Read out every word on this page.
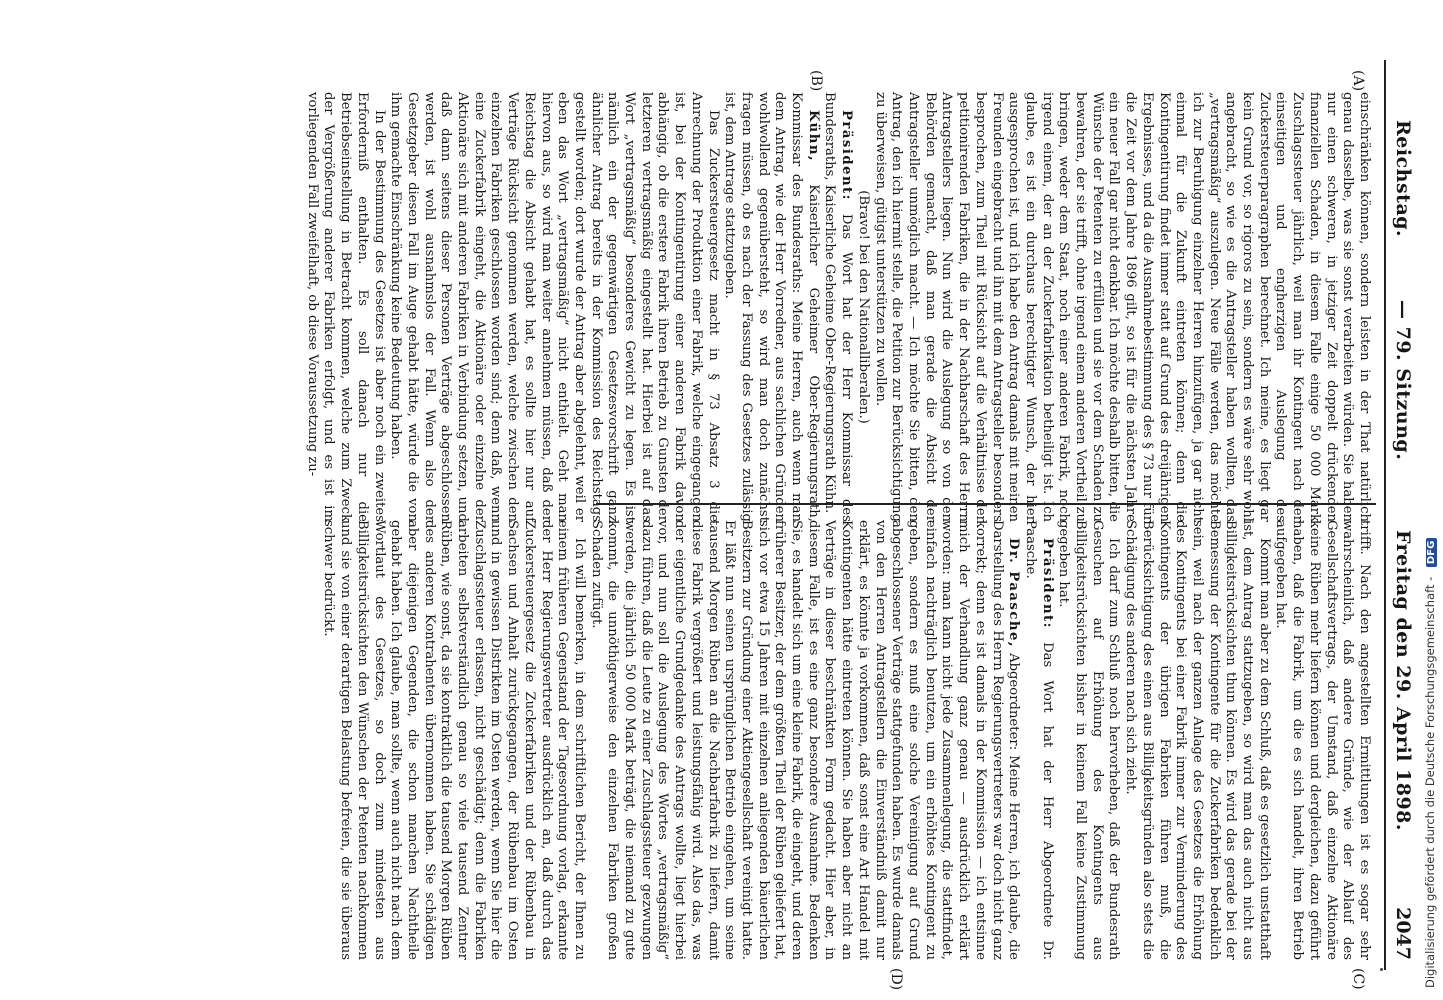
Reichstag.
— 79. Sitzung.
Freitag den 29. April 1898.
2047
(A)
(B)
(C)
(D)

einschränken können, sondern leisten in der That natürlich genau dasselbe, was sie sonst verarbeiten würden. Sie haben nur einen schweren, in jetziger Zeit doppelt drückenden finanziellen Schaden, in diesem Falle einige 50 000 Mark Zuschlagssteuer jährlich, weil man ihr Kontingent nach der einseitigen und engherzigen Auslegung des Zuckersteuerparagraphen berechnet. Ich meine, es liegt gar kein Grund vor, so rigoros zu sein, sondern es wäre sehr wohl angebracht, so wie es die Antragsteller haben wollten, das „vertragsmäßig“ auszulegen. Neue Fälle werden, das möchte ich zur Beruhigung einzelner Herren hinzufügen, ja gar nicht einmal für die Zukunft eintreten können; denn die Kontingentirung findet immer statt auf Grund des dreijährigen Ergebnisses, und da die Ausnahmebestimmung des § 73 nur für die Zeit vor dem Jahre 1896 gilt, so ist für die nächsten Jahre ein neuer Fall gar nicht denkbar. Ich möchte deshalb bitten, die Wünsche der Petenten zu erfüllen und sie vor dem Schaden zu bewahren, der sie trifft, ohne irgend einem anderen Vortheil zu bringen, weder dem Staat, noch einer anderen Fabrik, noch irgend einem, der an der Zuckerfabrikation betheiligt ist. Ich glaube, es ist ein durchaus berechtigter Wunsch, der hier ausgesprochen ist, und ich habe den Antrag damals mit meinen Freunden eingebracht und ihn mit dem Antragsteller besonders besprochen, zum Theil mit Rücksicht auf die Verhältnisse der petitionirenden Fabriken, die in der Nachbarschaft des Herrn Antragstellers liegen. Nun wird die Auslegung so von den Behörden gemacht, daß man gerade die Absicht der Antragsteller unmöglich macht. — Ich möchte Sie bitten, den Antrag, den ich hiermit stelle, die Petition zur Berücksichtigung zu überweisen, gütigst unterstützen zu wollen.

(Bravo! bei den Nationalliberalen.)

Präsident: Das Wort hat der Herr Kommissar des Bundesraths, Kaiserliche Geheime Ober-Regierungsrath Kühn.

Kühn, Kaiserlicher Geheimer Ober-Regierungsrath, Kommissar des Bundesraths: Meine Herren, auch wenn man dem Antrag, wie der Herr Vorredner, aus sachlichen Gründen wohlwollend gegenübersteht, so wird man doch zunächst fragen müssen, ob es nach der Fassung des Gesetzes zulässig ist, dem Antrage stattzugeben.

Das Zuckersteuergesetz macht in § 73 Absatz 3 die Anrechnung der Produktion einer Fabrik, welche eingegangen ist, bei der Kontingentirung einer anderen Fabrik davon abhängig, ob die erstere Fabrik ihren Betrieb zu Gunsten der letzteren vertragsmäßig eingestellt hat. Hierbei ist auf das Wort „vertragsmäßig“ besonderes Gewicht zu legen. Es ist nämlich ein der gegenwärtigen Gesetzesvorschrift ganz ähnlicher Antrag bereits in der Kommission des Reichstags gestellt worden; dort wurde der Antrag aber abgelehnt, weil er eben das Wort „vertragsmäßig“ nicht enthielt. Geht man hiervon aus, so wird man weiter annehmen müssen, daß der Reichstag die Absicht gehabt hat, es sollte hier nur auf Verträge Rücksicht genommen werden, welche zwischen den einzelnen Fabriken geschlossen worden sind; denn daß, wenn eine Zuckerfabrik eingeht, die Aktionäre oder einzelne der Aktionäre sich mit anderen Fabriken in Verbindung setzen, und daß dann seitens dieser Personen Verträge abgeschlossen werden, ist wohl ausnahmslos der Fall. Wenn also der Gesetzgeber diesen Fall im Auge gehabt hätte, würde die von ihm gemachte Einschränkung keine Bedeutung haben.

In der Bestimmung des Gesetzes ist aber noch ein zweites Erforderniß enthalten. Es soll danach nur die Betriebseinstellung in Betracht kommen, welche zum Zweck der Vergrößerung anderer Fabriken erfolgt, und es ist im vorliegenden Fall zweifelhaft, ob diese Voraussetzung zu-

trifft. Nach den angestellten Ermittlungen ist es sogar sehr wahrscheinlich, daß andere Gründe, wie der Ablauf des Gesellschaftsvertrags, der Umstand, daß einzelne Aktionäre keine Rüben mehr liefern können und dergleichen, dazu geführt haben, daß die Fabrik, um die es sich handelt, ihren Betrieb aufgegeben hat.

Kommt man aber zu dem Schluß, daß es gesetzlich unstatthaft ist, dem Antrag stattzugeben, so wird man das auch nicht aus Billigkeitsrücksichten thun können. Es wird das gerade bei der Bemessung der Kontingente für die Zuckerfabriken bedenklich sein, weil nach der ganzen Anlage des Gesetzes die Erhöhung des Kontingents bei einer Fabrik immer zur Verminderung des Kontingents der übrigen Fabriken führen muß, die Berücksichtigung des einen aus Billigkeitsgründen also stets die Schädigung des anderen nach sich zieht.

Ich darf zum Schluß noch hervorheben, daß der Bundesrath Gesuchen auf Erhöhung des Kontingents aus Billigkeitsrücksichten bisher in keinem Fall keine Zustimmung gegeben hat.

Präsident: Das Wort hat der Herr Abgeordnete Dr. Paasche.

Dr. Paasche, Abgeordneter: Meine Herren, ich glaube, die Darstellung des Herrn Regierungsvertreters war doch nicht ganz korrekt; denn es ist damals in der Kommission — ich entsinne mich der Verhandlung ganz genau — ausdrücklich erklärt worden: man kann nicht jede Zusammenlegung, die stattfindet, einfach nachträglich benutzen, um ein erhöhtes Kontingent zu geben, sondern es muß eine solche Vereinigung auf Grund abgeschlossener Verträge stattgefunden haben. Es wurde damals von den Herren Antragstellern die Einverständniß damit nur erklärt, es könnte ja vorkommen, daß sonst eine Art Handel mit Kontingenten hätte eintreten können. Sie haben aber nicht an Verträge in dieser beschränkten Form gedacht. Hier aber, in diesem Falle, ist es eine ganz besondere Ausnahme. Bedenken Sie, es handelt sich um eine kleine Fabrik, die eingeht, und deren früherer Besitzer, der dem größten Theil der Rüben geliefert hat, sich vor etwa 15 Jahren mit einzelnen anliegenden bäuerlichen Besitzern zur Gründung einer Aktiengesellschaft vereinigt hatte. Er läßt nun seinen ursprünglichen Betrieb eingehen, um seine tausend Morgen Rüben an die Nachbarfabrik zu liefern, damit diese Fabrik vergrößert und leistungsfähig wird. Also das, was der eigentliche Grundgedanke des Antrags wollte, liegt hierbei vor, und nun soll die Auslegung des Wortes „vertragsmäßig“ dazu führen, daß die Leute zu einer Zuschlagssteuer gezwungen werden, die jährlich 50 000 Mark beträgt, die niemand zu gute kommt, die unnöthigerweise den einzelnen Fabriken großen Schaden zufügt.

Ich will bemerken, in dem schriftlichen Bericht, der Ihnen zu einem früheren Gegenstand der Tagesordnung vorlag, erkannte der Herr Regierungsvertreter ausdrücklich an, daß durch das Zuckersteuergesetz die Zuckerfabriken und der Rübenbau in Sachsen und Anhalt zurückgegangen, der Rübenbau im Osten und in gewissen Distrikten im Osten werden, wenn Sie hier die Zuschlagssteuer erlassen, nicht geschädigt; denn die Fabriken arbeiten selbstverständlich genau so viele tausend Zentner Rüben, wie sonst, da sie kontraktlich die tausend Morgen Rüben des anderen Kontrahenten übernommen haben. Sie schädigen aber diejenigen Gegenden, die schon manchen Nachtheile gehabt haben. Ich glaube, man sollte, wenn auch nicht nach dem Wortlaut des Gesetzes, so doch zum mindesten aus Billigkeitsrücksichten den Wünschen der Petenten nachkommen und sie von einer derartigen Belastung befreien, die sie überaus schwer bedrückt.	Digitalisierung gefördert durch die Deutsche Forschungsgemeinschaft - DFG
